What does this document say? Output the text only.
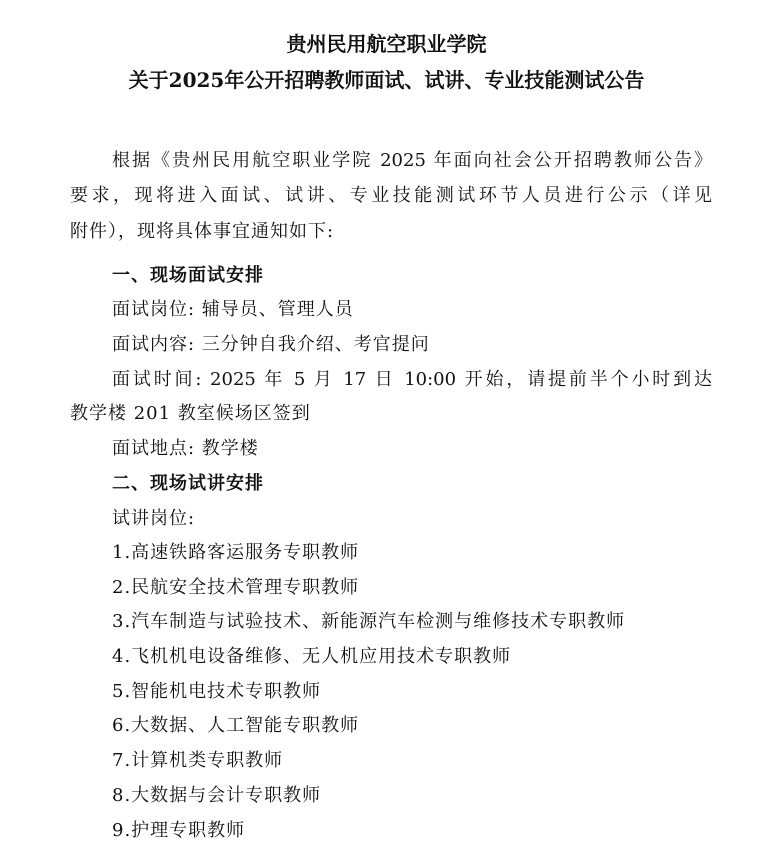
贵州民用航空职业学院
关于2025年公开招聘教师面试、试讲、专业技能测试公告
根据《贵州民用航空职业学院 2025 年面向社会公开招聘教师公告》
要求，现将进入面试、试讲、专业技能测试环节人员进行公示（详见
附件），现将具体事宜通知如下:
一、现场面试安排
面试岗位: 辅导员、管理人员
面试内容: 三分钟自我介绍、考官提问
面试时间: 2025 年 5 月 17 日 10:00 开始，请提前半个小时到达
教学楼 201 教室候场区签到
面试地点: 教学楼
二、现场试讲安排
试讲岗位:
1.高速铁路客运服务专职教师
2.民航安全技术管理专职教师
3.汽车制造与试验技术、新能源汽车检测与维修技术专职教师
4.飞机机电设备维修、无人机应用技术专职教师
5.智能机电技术专职教师
6.大数据、人工智能专职教师
7.计算机类专职教师
8.大数据与会计专职教师
9.护理专职教师
